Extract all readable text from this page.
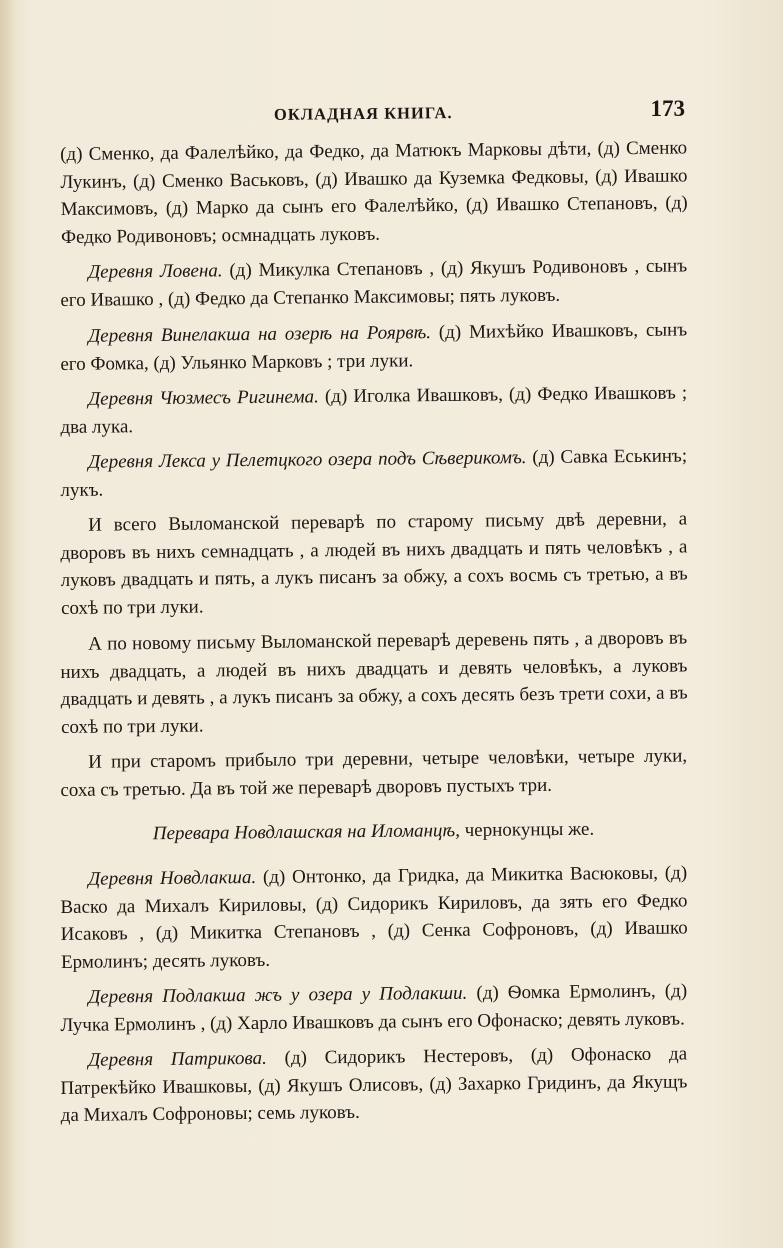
ОКЛАДНАЯ КНИГА.	173

(д) Сменко, да Фалелѣйко, да Федко, да Матюкъ Марковы дѣти, (д) Сменко Лукинъ, (д) Сменко Васьковъ, (д) Ивашко да Куземка Федковы, (д) Ивашко Максимовъ, (д) Марко да сынъ его Фалелѣйко, (д) Ивашко Степановъ, (д) Федко Родивоновъ; осмнадцать луковъ.

Деревня Ловена. (д) Микулка Степановъ , (д) Якушъ Родивоновъ , сынъ его Ивашко , (д) Федко да Степанко Максимовы; пять луковъ.

Деревня Винелакша на озерѣ на Роярвѣ. (д) Михѣйко Ивашковъ, сынъ его Фомка, (д) Ульянко Марковъ ; три луки.

Деревня Чюзмесъ Ригинема. (д) Иголка Ивашковъ, (д) Федко Ивашковъ ; два лука.

Деревня Лекса у Пелетцкого озера подъ Сѣверикомъ. (д) Савка Еськинъ; лукъ.

И всего Выломанской переварѣ по старому письму двѣ деревни, а дворовъ въ нихъ семнадцать , а людей въ нихъ двадцать и пять человѣкъ , а луковъ двадцать и пять, а лукъ писанъ за обжу, а сохъ восмь съ третью, а въ сохѣ по три луки.

А по новому письму Выломанской переварѣ деревень пять , а дворовъ въ нихъ двадцать, а людей въ нихъ двадцать и девять человѣкъ, а луковъ двадцать и девять , а лукъ писанъ за обжу, а сохъ десять безъ трети сохи, а въ сохѣ по три луки.

И при старомъ прибыло три деревни, четыре человѣки, четыре луки, соха съ третью. Да въ той же переварѣ дворовъ пустыхъ три.

Перевара Новдлашская на Иломанцѣ, чернокунцы же.

Деревня Новдлакша. (д) Онтонко, да Гридка, да Микитка Васюковы, (д) Васко да Михалъ Кириловы, (д) Сидорикъ Кириловъ, да зять его Федко Исаковъ , (д) Микитка Степановъ , (д) Сенка Софроновъ, (д) Ивашко Ермолинъ; десять луковъ.

Деревня Подлакша жъ у озера у Подлакши. (д) Ѳомка Ермолинъ, (д) Лучка Ермолинъ , (д) Харло Ивашковъ да сынъ его Офонаско; девять луковъ.

Деревня Патрикова. (д) Сидорикъ Нестеровъ, (д) Офонаско да Патрекѣйко Ивашковы, (д) Якушъ Олисовъ, (д) Захарко Гридинъ, да Якущъ да Михалъ Софроновы; семь луковъ.
